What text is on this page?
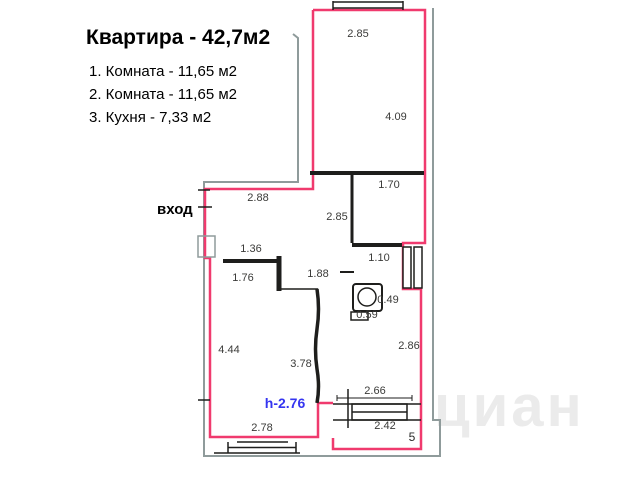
Квартира - 42,7м2
1. Комната - 11,65 м2
2. Комната - 11,65 м2
3. Кухня - 7,33 м2
циан
вход
2.85
4.09
1.70
2.88
2.85
1.36
1.10
1.76	1.88
0.49
0.59
4.44
3.78
2.86
2.66
2.42
2.78
h-2.76
5
